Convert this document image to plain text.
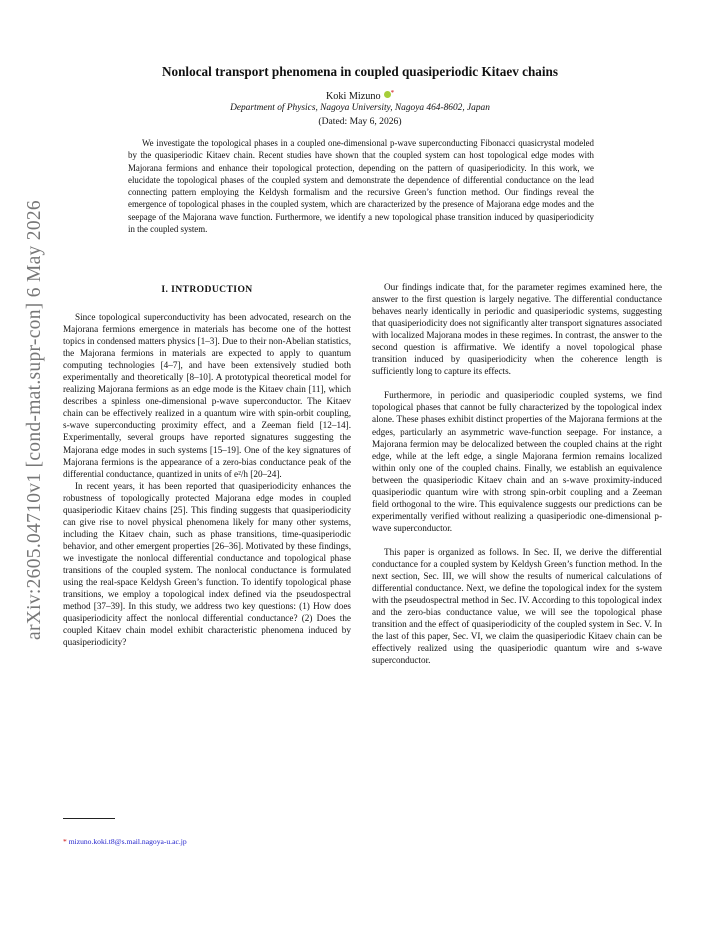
arXiv:2605.04710v1 [cond-mat.supr-con] 6 May 2026
Nonlocal transport phenomena in coupled quasiperiodic Kitaev chains
Koki Mizuno *
Department of Physics, Nagoya University, Nagoya 464-8602, Japan
(Dated: May 6, 2026)

We investigate the topological phases in a coupled one-dimensional p-wave superconducting Fibonacci quasicrystal modeled by the quasiperiodic Kitaev chain. Recent studies have shown that the coupled system can host topological edge modes with Majorana fermions and enhance their topological protection, depending on the pattern of quasiperiodicity. In this work, we elucidate the topological phases of the coupled system and demonstrate the dependence of differential conductance on the lead connecting pattern employing the Keldysh formalism and the recursive Green’s function method. Our findings reveal the emergence of topological phases in the coupled system, which are characterized by the presence of Majorana edge modes and the seepage of the Majorana wave function. Furthermore, we identify a new topological phase transition induced by quasiperiodicity in the coupled system.

I. INTRODUCTION

Since topological superconductivity has been advocated, research on the Majorana fermions emergence in materials has become one of the hottest topics in condensed matters physics [1–3]. Due to their non-Abelian statistics, the Majorana fermions in materials are expected to apply to quantum computing technologies [4–7], and have been extensively studied both experimentally and theoretically [8–10]. A prototypical theoretical model for realizing Majorana fermions as an edge mode is the Kitaev chain [11], which describes a spinless one-dimensional p-wave superconductor. The Kitaev chain can be effectively realized in a quantum wire with spin-orbit coupling, s-wave superconducting proximity effect, and a Zeeman field [12–14]. Experimentally, several groups have reported signatures suggesting the Majorana edge modes in such systems [15–19]. One of the key signatures of Majorana fermions is the appearance of a zero-bias conductance peak of the differential conductance, quantized in units of e²/h [20–24].

In recent years, it has been reported that quasiperiodicity enhances the robustness of topologically protected Majorana edge modes in coupled quasiperiodic Kitaev chains [25]. This finding suggests that quasiperiodicity can give rise to novel physical phenomena likely for many other systems, including the Kitaev chain, such as phase transitions, time-quasiperiodic behavior, and other emergent properties [26–36]. Motivated by these findings, we investigate the nonlocal differential conductance and topological phase transitions of the coupled system. The nonlocal conductance is formulated using the real-space Keldysh Green’s function. To identify topological phase transitions, we employ a topological index defined via the pseudospectral method [37–39]. In this study, we address two key questions: (1) How does quasiperiodicity affect the nonlocal differential conductance? (2) Does the coupled Kitaev chain model exhibit characteristic phenomena induced by quasiperiodicity?

Our findings indicate that, for the parameter regimes examined here, the answer to the first question is largely negative. The differential conductance behaves nearly identically in periodic and quasiperiodic systems, suggesting that quasiperiodicity does not significantly alter transport signatures associated with localized Majorana modes in these regimes. In contrast, the answer to the second question is affirmative. We identify a novel topological phase transition induced by quasiperiodicity when the coherence length is sufficiently long to capture its effects.

Furthermore, in periodic and quasiperiodic coupled systems, we find topological phases that cannot be fully characterized by the topological index alone. These phases exhibit distinct properties of the Majorana fermions at the edges, particularly an asymmetric wave-function seepage. For instance, a Majorana fermion may be delocalized between the coupled chains at the right edge, while at the left edge, a single Majorana fermion remains localized within only one of the coupled chains. Finally, we establish an equivalence between the quasiperiodic Kitaev chain and an s-wave proximity-induced quasiperiodic quantum wire with strong spin-orbit coupling and a Zeeman field orthogonal to the wire. This equivalence suggests our predictions can be experimentally verified without realizing a quasiperiodic one-dimensional p-wave superconductor.

This paper is organized as follows. In Sec. II, we derive the differential conductance for a coupled system by Keldysh Green’s function method. In the next section, Sec. III, we will show the results of numerical calculations of differential conductance. Next, we define the topological index for the system with the pseudospectral method in Sec. IV. According to this topological index and the zero-bias conductance value, we will see the topological phase transition and the effect of quasiperiodicity of the coupled system in Sec. V. In the last of this paper, Sec. VI, we claim the quasiperiodic Kitaev chain can be effectively realized using the quasiperiodic quantum wire and s-wave superconductor.

* mizuno.koki.t8@s.mail.nagoya-u.ac.jp
